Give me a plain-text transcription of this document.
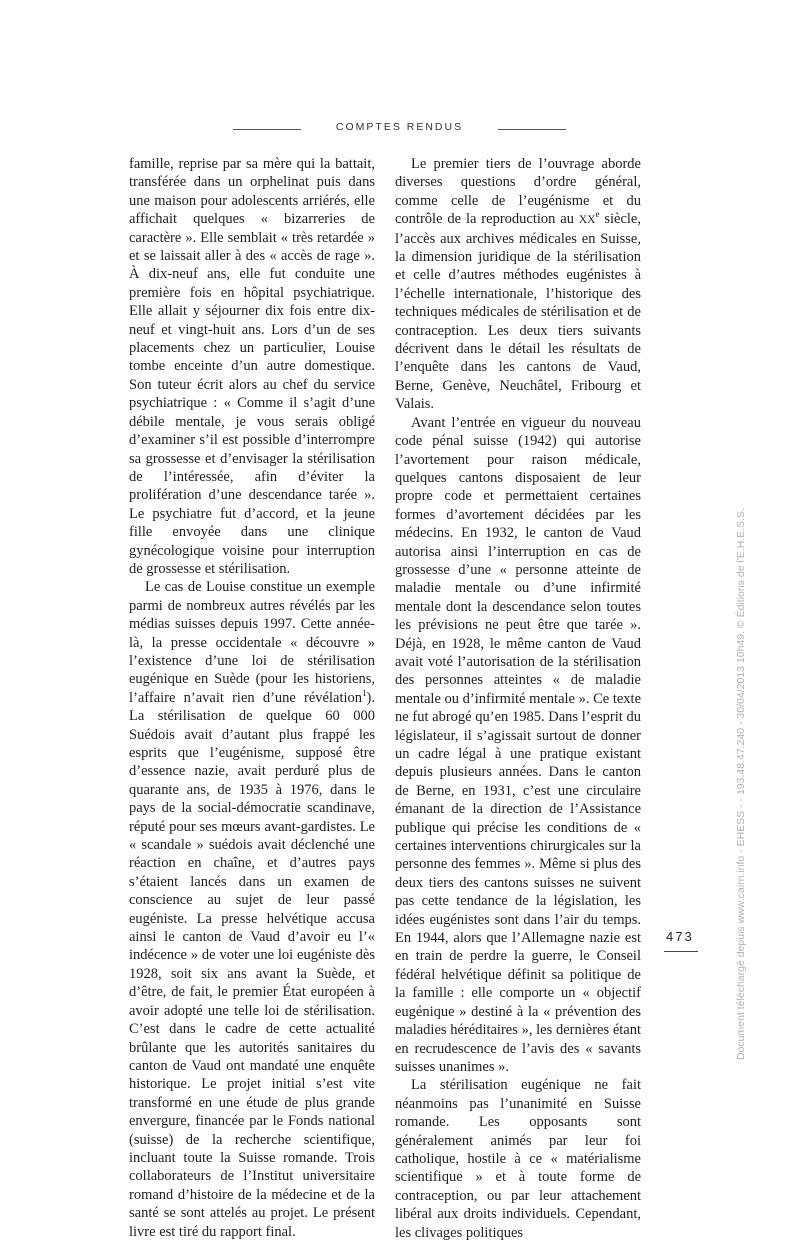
COMPTES RENDUS

famille, reprise par sa mère qui la battait, transférée dans un orphelinat puis dans une maison pour adolescents arriérés, elle affichait quelques « bizarreries de caractère ». Elle semblait « très retardée » et se laissait aller à des « accès de rage ». À dix-neuf ans, elle fut conduite une première fois en hôpital psychiatrique. Elle allait y séjourner dix fois entre dix-neuf et vingt-huit ans. Lors d’un de ses placements chez un particulier, Louise tombe enceinte d’un autre domestique. Son tuteur écrit alors au chef du service psychiatrique : « Comme il s’agit d’une débile mentale, je vous serais obligé d’examiner s’il est possible d’interrompre sa grossesse et d’envisager la stérilisation de l’intéressée, afin d’éviter la prolifération d’une descendance tarée ». Le psychiatre fut d’accord, et la jeune fille envoyée dans une clinique gynécologique voisine pour interruption de grossesse et stérilisation.

Le cas de Louise constitue un exemple parmi de nombreux autres révélés par les médias suisses depuis 1997. Cette année-là, la presse occidentale « découvre » l’existence d’une loi de stérilisation eugénique en Suède (pour les historiens, l’affaire n’avait rien d’une révélation$^1$). La stérilisation de quelque 60 000 Suédois avait d’autant plus frappé les esprits que l’eugénisme, supposé être d’essence nazie, avait perduré plus de quarante ans, de 1935 à 1976, dans le pays de la social-démocratie scandinave, réputé pour ses mœurs avant-gardistes. Le « scandale » suédois avait déclenché une réaction en chaîne, et d’autres pays s’étaient lancés dans un examen de conscience au sujet de leur passé eugéniste. La presse helvétique accusa ainsi le canton de Vaud d’avoir eu l’« indécence » de voter une loi eugéniste dès 1928, soit six ans avant la Suède, et d’être, de fait, le premier État européen à avoir adopté une telle loi de stérilisation. C’est dans le cadre de cette actualité brûlante que les autorités sanitaires du canton de Vaud ont mandaté une enquête historique. Le projet initial s’est vite transformé en une étude de plus grande envergure, financée par le Fonds national (suisse) de la recherche scientifique, incluant toute la Suisse romande. Trois collaborateurs de l’Institut universitaire romand d’histoire de la médecine et de la santé se sont attelés au projet. Le présent livre est tiré du rapport final.

Le premier tiers de l’ouvrage aborde diverses questions d’ordre général, comme celle de l’eugénisme et du contrôle de la reproduction au XXe siècle, l’accès aux archives médicales en Suisse, la dimension juridique de la stérilisation et celle d’autres méthodes eugénistes à l’échelle internationale, l’historique des techniques médicales de stérilisation et de contraception. Les deux tiers suivants décrivent dans le détail les résultats de l’enquête dans les cantons de Vaud, Berne, Genève, Neuchâtel, Fribourg et Valais.

Avant l’entrée en vigueur du nouveau code pénal suisse (1942) qui autorise l’avortement pour raison médicale, quelques cantons disposaient de leur propre code et permettaient certaines formes d’avortement décidées par les médecins. En 1932, le canton de Vaud autorisa ainsi l’interruption en cas de grossesse d’une « personne atteinte de maladie mentale ou d’une infirmité mentale dont la descendance selon toutes les prévisions ne peut être que tarée ». Déjà, en 1928, le même canton de Vaud avait voté l’autorisation de la stérilisation des personnes atteintes « de maladie mentale ou d’infirmité mentale ». Ce texte ne fut abrogé qu’en 1985. Dans l’esprit du législateur, il s’agissait surtout de donner un cadre légal à une pratique existant depuis plusieurs années. Dans le canton de Berne, en 1931, c’est une circulaire émanant de la direction de l’Assistance publique qui précise les conditions de « certaines interventions chirurgicales sur la personne des femmes ». Même si plus des deux tiers des cantons suisses ne suivent pas cette tendance de la législation, les idées eugénistes sont dans l’air du temps. En 1944, alors que l’Allemagne nazie est en train de perdre la guerre, le Conseil fédéral helvétique définit sa politique de la famille : elle comporte un « objectif eugénique » destiné à la « prévention des maladies héréditaires », les dernières étant en recrudescence de l’avis des « savants suisses unanimes ».

La stérilisation eugénique ne fait néanmoins pas l’unanimité en Suisse romande. Les opposants sont généralement animés par leur foi catholique, hostile à ce « matérialisme scientifique » et à toute forme de contraception, ou par leur attachement libéral aux droits individuels. Cependant, les clivages politiques

473	Document téléchargé depuis www.cairn.info - EHESS - - 193.48.47.240 - 30/04/2013 10h49. © Éditions de l'E.H.E.S.S.
